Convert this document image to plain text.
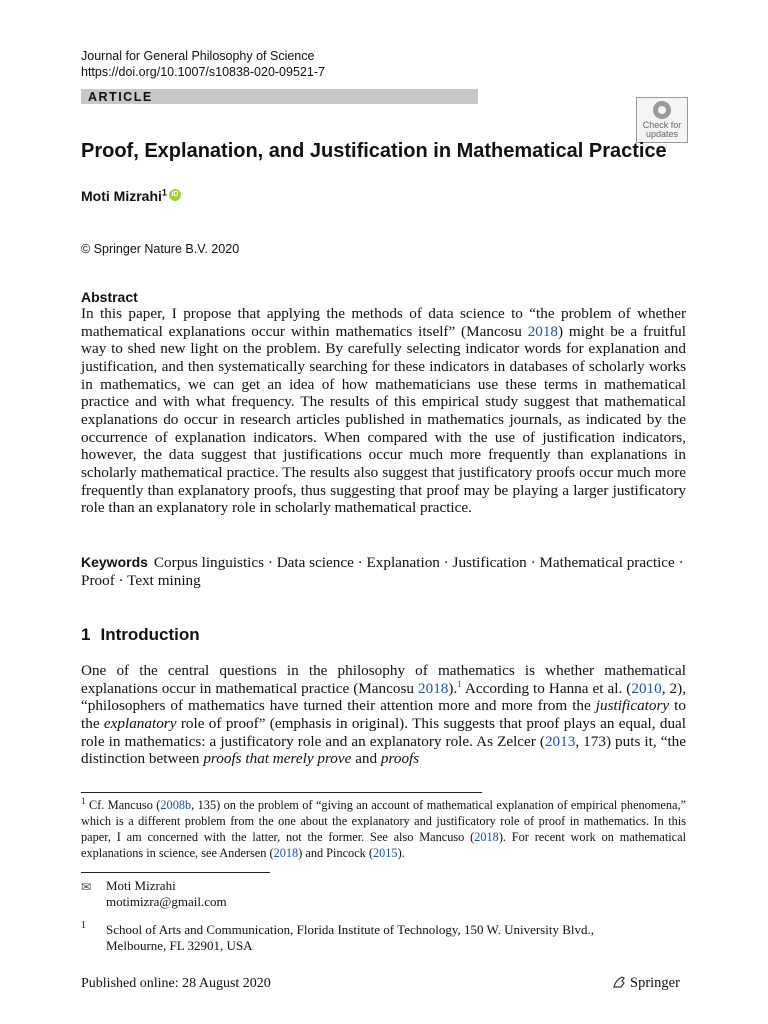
Journal for General Philosophy of Science
https://doi.org/10.1007/s10838-020-09521-7
ARTICLE
Check for
updates
Proof, Explanation, and Justification in Mathematical Practice
Moti Mizrahi$^1$ iD
© Springer Nature B.V. 2020
Abstract
In this paper, I propose that applying the methods of data science to “the problem of whether mathematical explanations occur within mathematics itself” (Mancosu 2018) might be a fruitful way to shed new light on the problem. By carefully selecting indicator words for explanation and justification, and then systematically searching for these indicators in databases of scholarly works in mathematics, we can get an idea of how mathematicians use these terms in mathematical practice and with what frequency. The results of this empirical study suggest that mathematical explanations do occur in research articles published in mathematics journals, as indicated by the occurrence of explanation indicators. When compared with the use of justification indicators, however, the data suggest that justifications occur much more frequently than explanations in scholarly mathematical practice. The results also suggest that justificatory proofs occur much more frequently than explanatory proofs, thus suggesting that proof may be playing a larger justificatory role than an explanatory role in scholarly mathematical practice.
Keywords Corpus linguistics · Data science · Explanation · Justification · Mathematical practice · Proof · Text mining
1 Introduction
One of the central questions in the philosophy of mathematics is whether mathematical explanations occur in mathematical practice (Mancosu 2018).$^1$ According to Hanna et al. (2010, 2), “philosophers of mathematics have turned their attention more and more from the justificatory to the explanatory role of proof” (emphasis in original). This suggests that proof plays an equal, dual role in mathematics: a justificatory role and an explanatory role. As Zelcer (2013, 173) puts it, “the distinction between proofs that merely prove and proofs
$^1$ Cf. Mancuso (2008b, 135) on the problem of “giving an account of mathematical explanation of empirical phenomena,” which is a different problem from the one about the explanatory and justificatory role of proof in mathematics. In this paper, I am concerned with the latter, not the former. See also Mancuso (2018). For recent work on mathematical explanations in science, see Andersen (2018) and Pincock (2015).
✉ Moti Mizrahi
motimizra@gmail.com
1 School of Arts and Communication, Florida Institute of Technology, 150 W. University Blvd.,
Melbourne, FL 32901, USA
Published online: 28 August 2020	Springer
